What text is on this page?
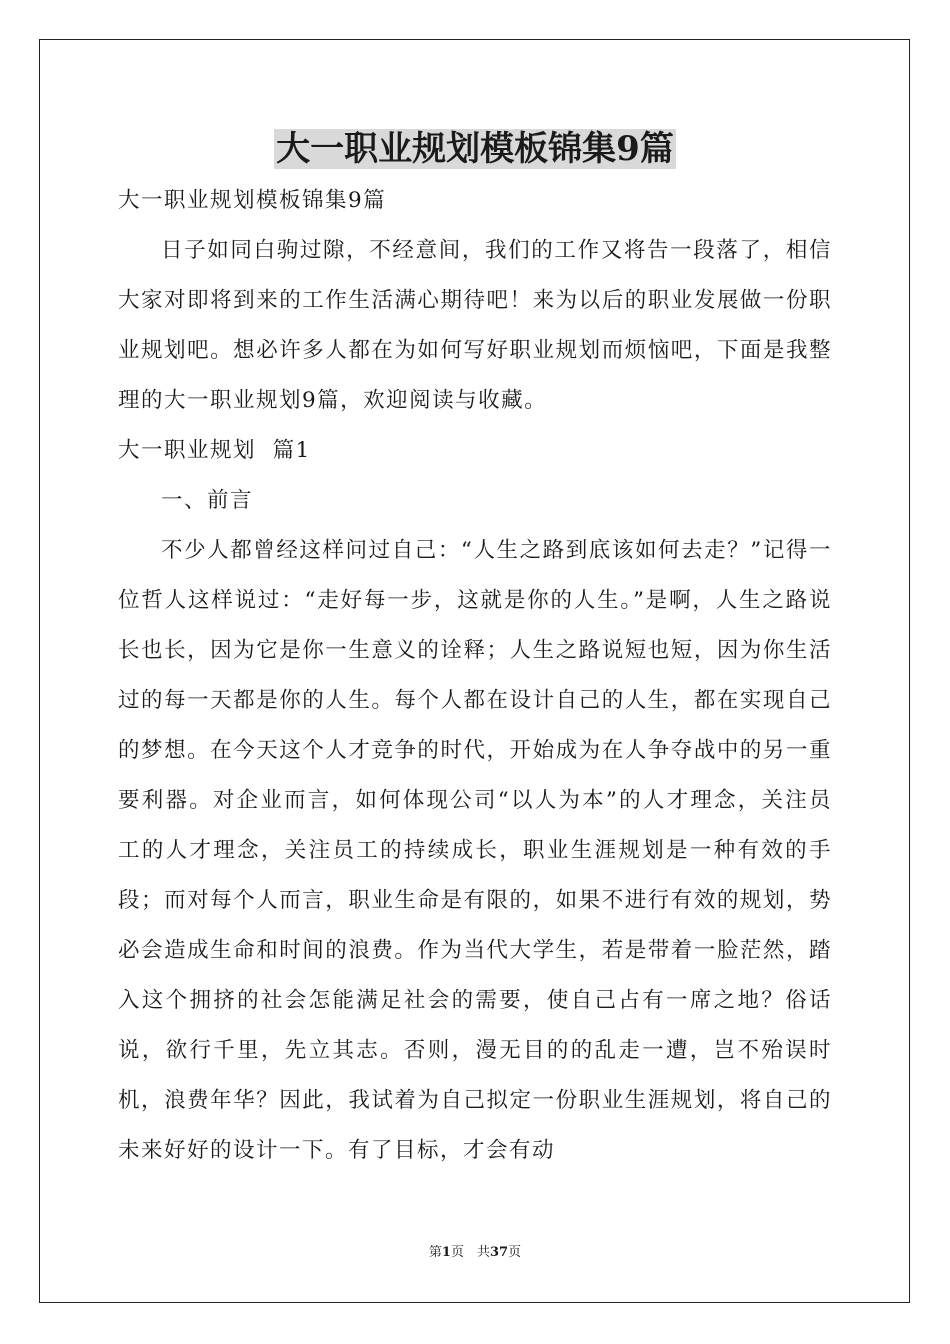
大一职业规划模板锦集9篇

大一职业规划模板锦集9篇

日子如同白驹过隙，不经意间，我们的工作又将告一段落了，相信大家对即将到来的工作生活满心期待吧！来为以后的职业发展做一份职业规划吧。想必许多人都在为如何写好职业规划而烦恼吧，下面是我整理的大一职业规划9篇，欢迎阅读与收藏。

大一职业规划  篇1

一、前言

不少人都曾经这样问过自己：“人生之路到底该如何去走？”记得一位哲人这样说过：“走好每一步，这就是你的人生。”是啊，人生之路说长也长，因为它是你一生意义的诠释；人生之路说短也短，因为你生活过的每一天都是你的人生。每个人都在设计自己的人生，都在实现自己的梦想。在今天这个人才竞争的时代，开始成为在人争夺战中的另一重要利器。对企业而言，如何体现公司“以人为本”的人才理念，关注员工的人才理念，关注员工的持续成长，职业生涯规划是一种有效的手段；而对每个人而言，职业生命是有限的，如果不进行有效的规划，势必会造成生命和时间的浪费。作为当代大学生，若是带着一脸茫然，踏入这个拥挤的社会怎能满足社会的需要，使自己占有一席之地？俗话说，欲行千里，先立其志。否则，漫无目的的乱走一遭，岂不殆误时机，浪费年华？因此，我试着为自己拟定一份职业生涯规划，将自己的未来好好的设计一下。有了目标，才会有动

第1页　共37页
